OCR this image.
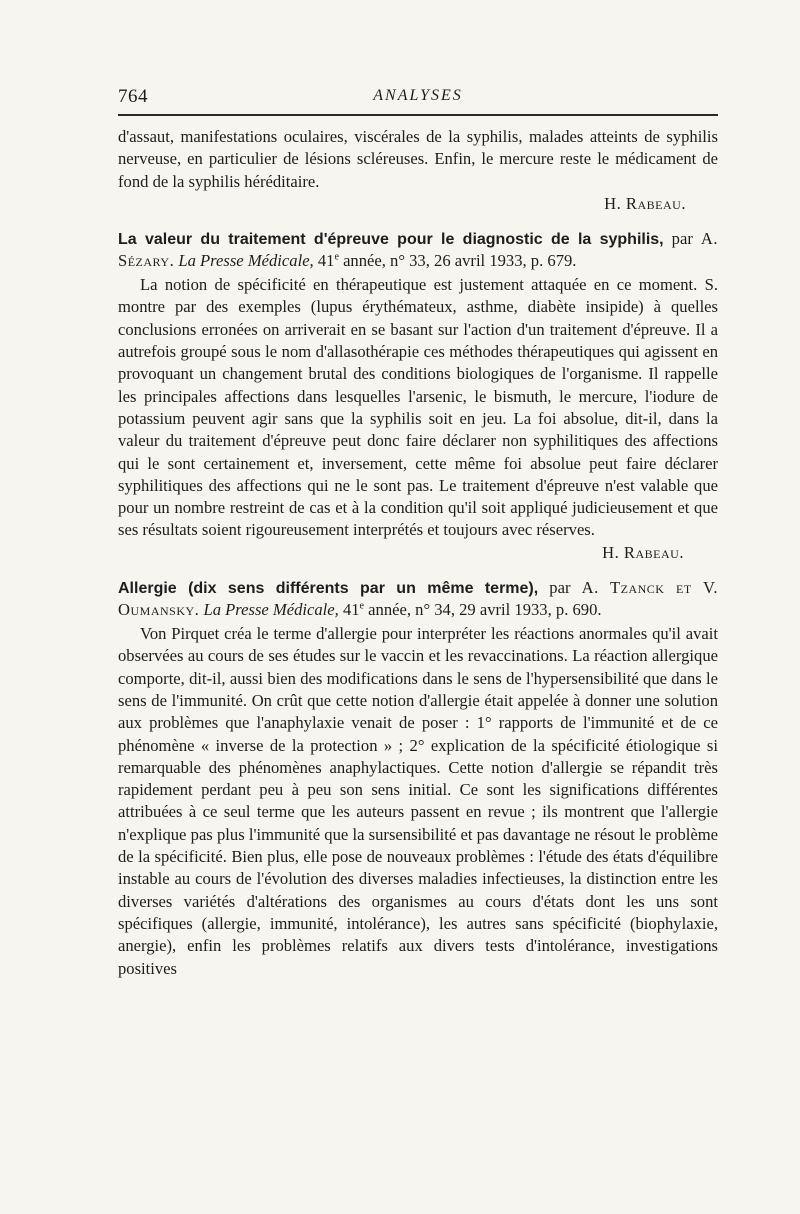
764	ANALYSES

d'assaut, manifestations oculaires, viscérales de la syphilis, malades atteints de syphilis nerveuse, en particulier de lésions scléreuses. Enfin, le mercure reste le médicament de fond de la syphilis héréditaire.

H. Rabeau.
La valeur du traitement d'épreuve pour le diagnostic de la syphilis, par A. Sézary. La Presse Médicale, 41e année, n° 33, 26 avril 1933, p. 679.

La notion de spécificité en thérapeutique est justement attaquée en ce moment. S. montre par des exemples (lupus érythémateux, asthme, diabète insipide) à quelles conclusions erronées on arriverait en se basant sur l'action d'un traitement d'épreuve. Il a autrefois groupé sous le nom d'allasothérapie ces méthodes thérapeutiques qui agissent en provoquant un changement brutal des conditions biologiques de l'organisme. Il rappelle les principales affections dans lesquelles l'arsenic, le bismuth, le mercure, l'iodure de potassium peuvent agir sans que la syphilis soit en jeu. La foi absolue, dit-il, dans la valeur du traitement d'épreuve peut donc faire déclarer non syphilitiques des affections qui le sont certainement et, inversement, cette même foi absolue peut faire déclarer syphilitiques des affections qui ne le sont pas. Le traitement d'épreuve n'est valable que pour un nombre restreint de cas et à la condition qu'il soit appliqué judicieusement et que ses résultats soient rigoureusement interprétés et toujours avec réserves.

H. Rabeau.
Allergie (dix sens différents par un même terme), par A. Tzanck et V. Oumansky. La Presse Médicale, 41e année, n° 34, 29 avril 1933, p. 690.

Von Pirquet créa le terme d'allergie pour interpréter les réactions anormales qu'il avait observées au cours de ses études sur le vaccin et les revaccinations. La réaction allergique comporte, dit-il, aussi bien des modifications dans le sens de l'hypersensibilité que dans le sens de l'immunité. On crût que cette notion d'allergie était appelée à donner une solution aux problèmes que l'anaphylaxie venait de poser : 1° rapports de l'immunité et de ce phénomène « inverse de la protection » ; 2° explication de la spécificité étiologique si remarquable des phénomènes anaphylactiques. Cette notion d'allergie se répandit très rapidement perdant peu à peu son sens initial. Ce sont les significations différentes attribuées à ce seul terme que les auteurs passent en revue ; ils montrent que l'allergie n'explique pas plus l'immunité que la sursensibilité et pas davantage ne résout le problème de la spécificité. Bien plus, elle pose de nouveaux problèmes : l'étude des états d'équilibre instable au cours de l'évolution des diverses maladies infectieuses, la distinction entre les diverses variétés d'altérations des organismes au cours d'états dont les uns sont spécifiques (allergie, immunité, intolérance), les autres sans spécificité (biophylaxie, anergie), enfin les problèmes relatifs aux divers tests d'intolérance, investigations positives
